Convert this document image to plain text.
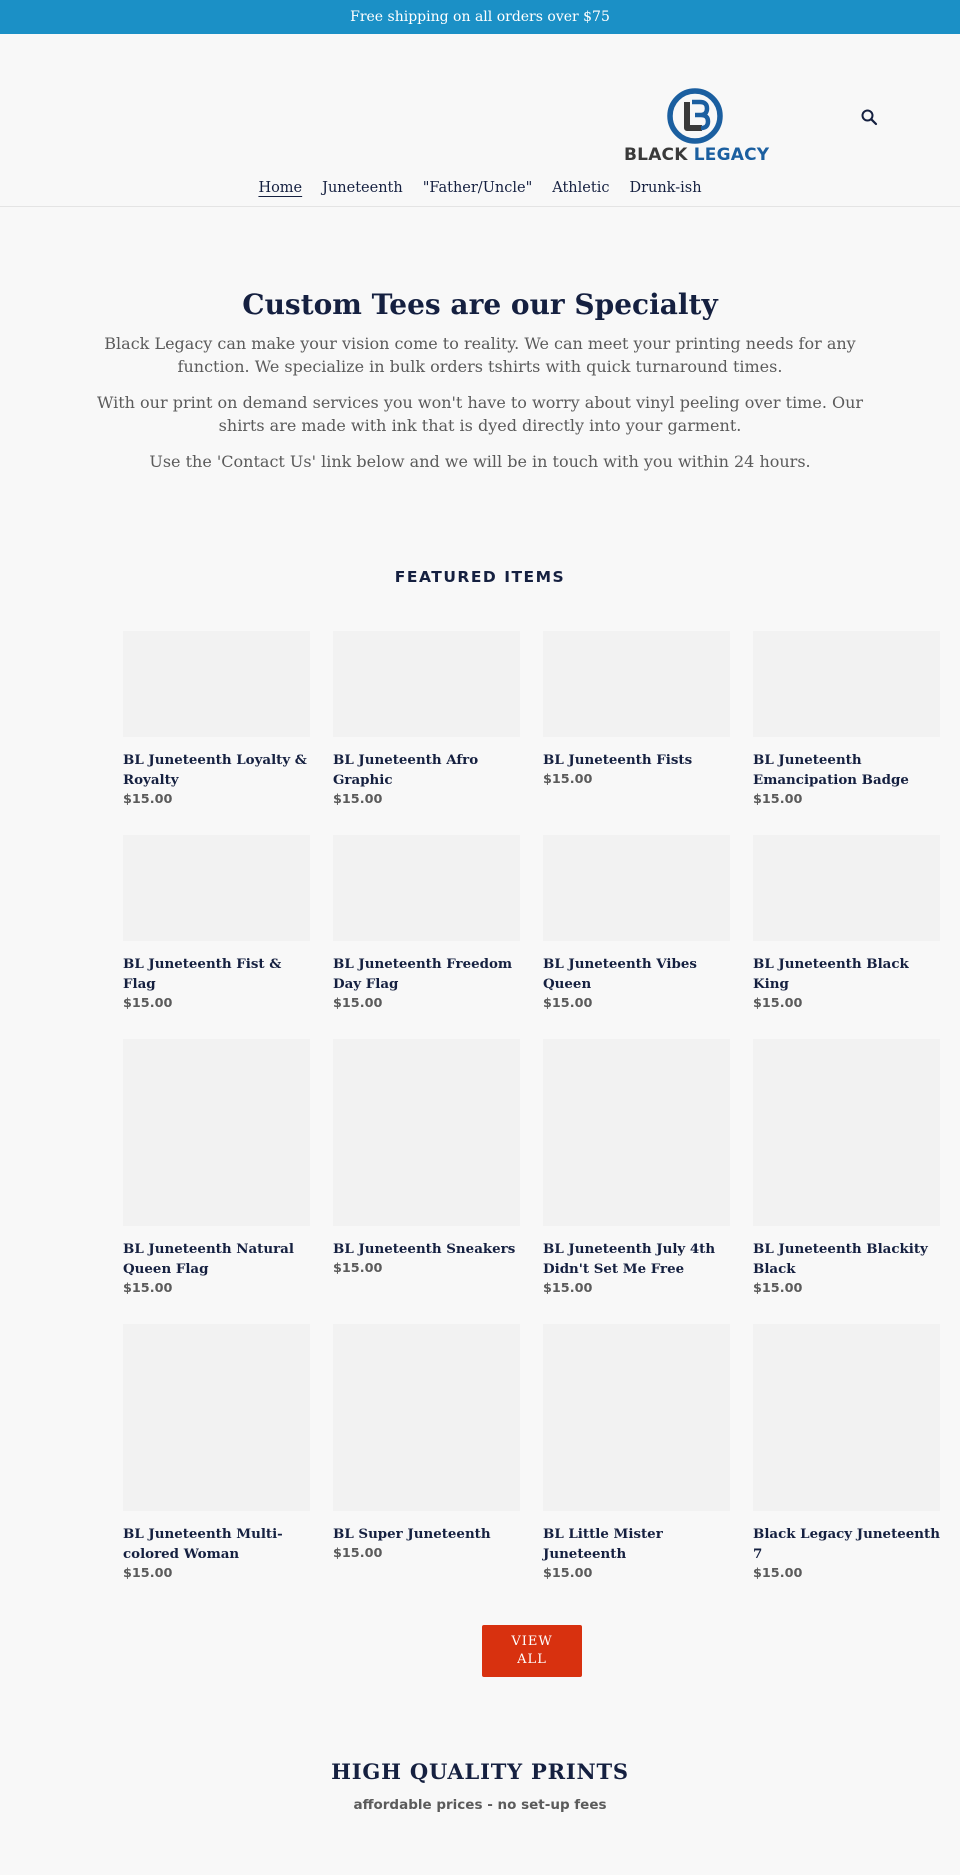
Free shipping on all orders over $75
BLACK LEGACY
Home	Juneteenth	"Father/Uncle"	Athletic	Drunk-ish
Custom Tees are our Specialty

Black Legacy can make your vision come to reality. We can meet your printing needs for any function. We specialize in bulk orders tshirts with quick turnaround times.

With our print on demand services you won't have to worry about vinyl peeling over time. Our shirts are made with ink that is dyed directly into your garment.

Use the 'Contact Us' link below and we will be in touch with you within 24 hours.

FEATURED ITEMS
BL Juneteenth Loyalty & Royalty
$15.00
BL Juneteenth Afro Graphic
$15.00
BL Juneteenth Fists
$15.00
BL Juneteenth Emancipation Badge
$15.00
BL Juneteenth Fist & Flag
$15.00
BL Juneteenth Freedom Day Flag
$15.00
BL Juneteenth Vibes Queen
$15.00
BL Juneteenth Black King
$15.00
BL Juneteenth Natural Queen Flag
$15.00
BL Juneteenth Sneakers
$15.00
BL Juneteenth July 4th Didn't Set Me Free
$15.00
BL Juneteenth Blackity Black
$15.00
BL Juneteenth Multi-colored Woman
$15.00
BL Super Juneteenth
$15.00
BL Little Mister Juneteenth
$15.00
Black Legacy Juneteenth 7
$15.00
VIEW ALL
HIGH QUALITY PRINTS
affordable prices - no set-up fees
